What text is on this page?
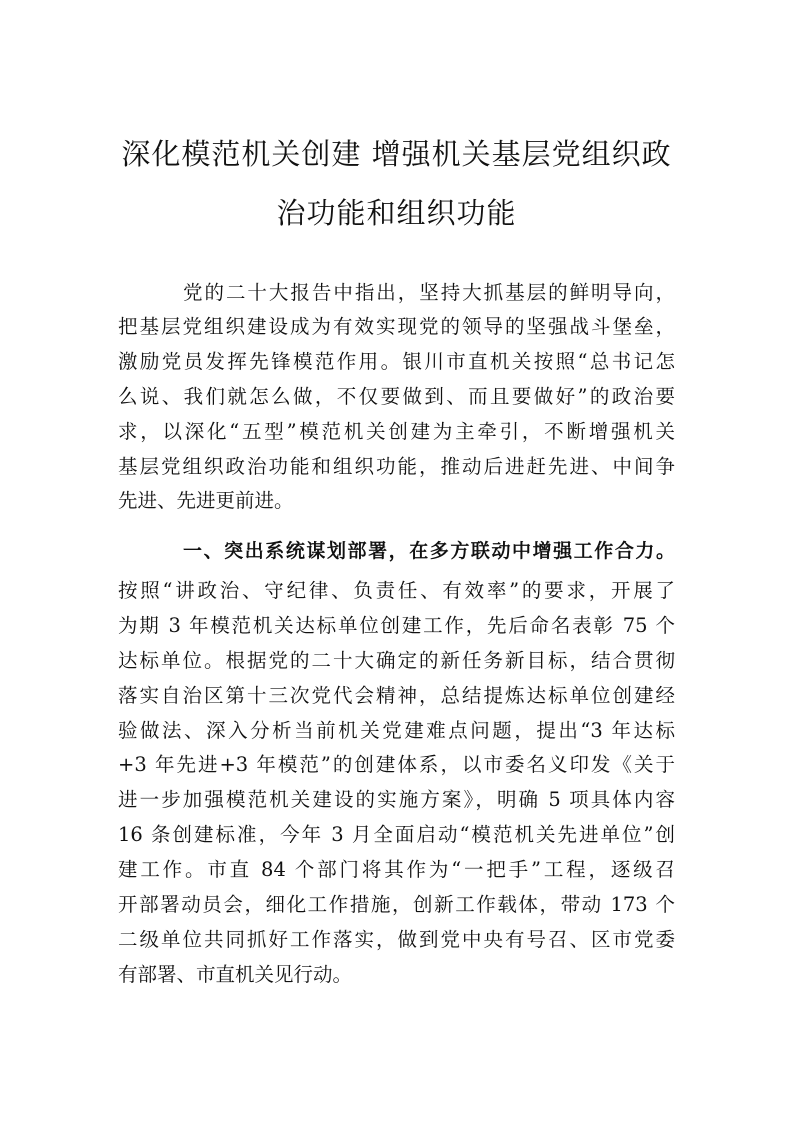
深化模范机关创建 增强机关基层党组织政
治功能和组织功能

党的二十大报告中指出，坚持大抓基层的鲜明导向，

把基层党组织建设成为有效实现党的领导的坚强战斗堡垒，

激励党员发挥先锋模范作用。银川市直机关按照“总书记怎

么说、我们就怎么做，不仅要做到、而且要做好”的政治要

求，以深化“五型”模范机关创建为主牵引，不断增强机关

基层党组织政治功能和组织功能，推动后进赶先进、中间争

先进、先进更前进。

一、突出系统谋划部署，在多方联动中增强工作合力。

按照“讲政治、守纪律、负责任、有效率”的要求，开展了

为期 3 年模范机关达标单位创建工作，先后命名表彰 75 个

达标单位。根据党的二十大确定的新任务新目标，结合贯彻

落实自治区第十三次党代会精神，总结提炼达标单位创建经

验做法、深入分析当前机关党建难点问题，提出“3 年达标

+3 年先进+3 年模范”的创建体系，以市委名义印发《关于

进一步加强模范机关建设的实施方案》，明确 5 项具体内容

16 条创建标准，今年 3 月全面启动“模范机关先进单位”创

建工作。市直 84 个部门将其作为“一把手”工程，逐级召

开部署动员会，细化工作措施，创新工作载体，带动 173 个

二级单位共同抓好工作落实，做到党中央有号召、区市党委

有部署、市直机关见行动。
